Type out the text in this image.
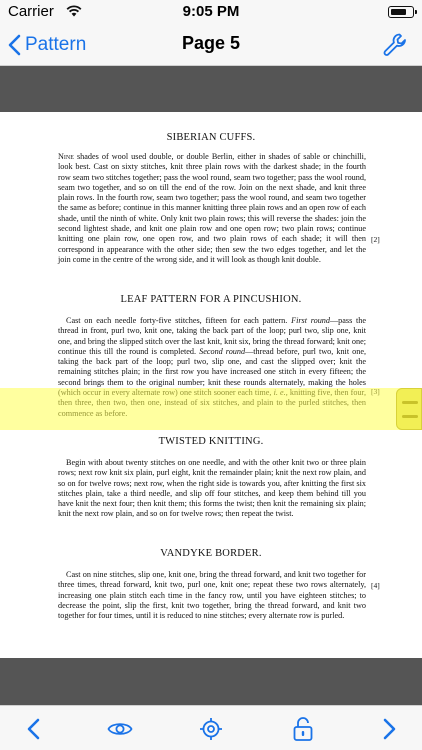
Carrier	9:05 PM
Pattern	Page 5
SIBERIAN CUFFS.
Nine shades of wool used double, or double Berlin, either in shades of sable or chinchilli, look best. Cast on sixty stitches, knit three plain rows with the darkest shade; in the fourth row seam two stitches together; pass the wool round, seam two together; pass the wool round, seam two together, and so on till the end of the row. Join on the next shade, and knit three plain rows. In the fourth row, seam two together; pass the wool round, and seam two together the same as before; continue in this manner knitting three plain rows and an open row of each shade, until the ninth of white. Only knit two plain rows; this will reverse the shades: join the second lightest shade, and knit one plain row and one open row; two plain rows; continue knitting one plain row, one open row, and two plain rows of each shade; it will then correspond in appearance with the other side; then sew the two edges together, and let the join come in the centre of the wrong side, and it will look as though knit double.
[2]
LEAF PATTERN FOR A PINCUSHION.
Cast on each needle forty-five stitches, fifteen for each pattern. First round—pass the thread in front, purl two, knit one, taking the back part of the loop; purl two, slip one, knit one, and bring the slipped stitch over the last knit, knit six, bring the thread forward; knit one; continue this till the round is completed. Second round—thread before, purl two, knit one, taking the back part of the loop; purl two, slip one, and cast the slipped over; knit the remaining stitches plain; in the first row you have increased one stitch in every fifteen; the second brings them to the original number; knit these rounds alternately, making the holes
TWISTED KNITTING.
Begin with about twenty stitches on one needle, and with the other knit two or three plain rows; next row knit six plain, purl eight, knit the remainder plain; knit the next row plain, and so on for twelve rows; next row, when the right side is towards you, after knitting the first six stitches plain, take a third needle, and slip off four stitches, and keep them behind till you have knit the next four; then knit them; this forms the twist; then knit the remaining six plain; knit the next row plain, and so on for twelve rows; then repeat the twist.
VANDYKE BORDER.
Cast on nine stitches, slip one, knit one, bring the thread forward, and knit two together for three times, thread forward, knit two, purl one, knit one; repeat these two rows alternately, increasing one plain stitch each time in the fancy row, until you have eighteen stitches; to decrease the point, slip the first, knit two together, bring the thread forward, and knit two together for four times, until it is reduced to nine stitches; every alternate row is purled.
[4]
